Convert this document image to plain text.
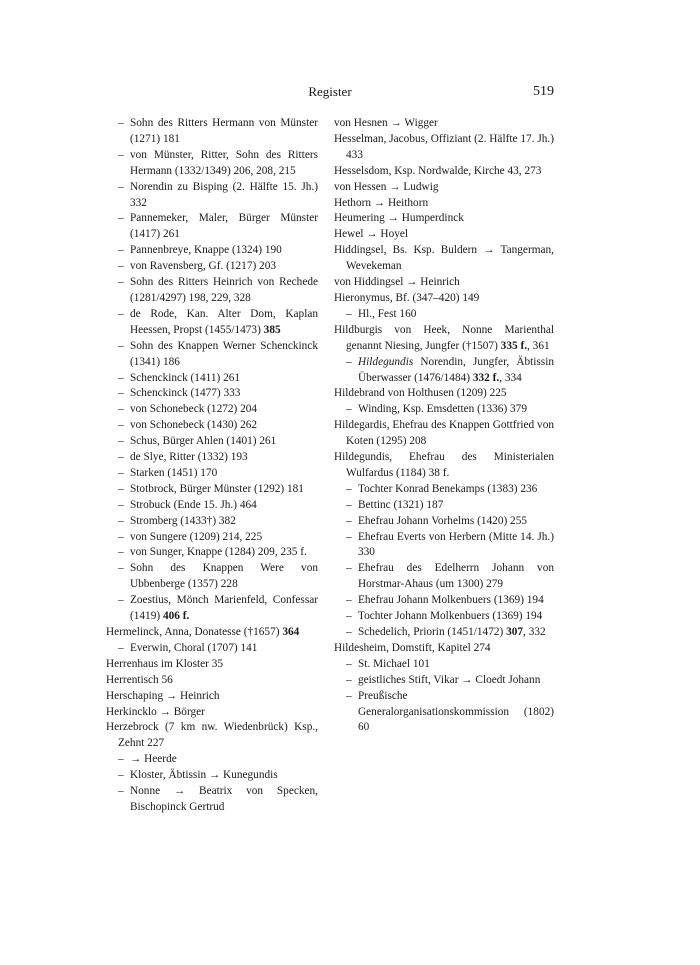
Register	519

– Sohn des Ritters Hermann von Münster (1271) 181

– von Münster, Ritter, Sohn des Ritters Hermann (1332/1349) 206, 208, 215

– Norendin zu Bisping (2. Hälfte 15. Jh.) 332

– Pannemeker, Maler, Bürger Münster (1417) 261

– Pannenbreye, Knappe (1324) 190

– von Ravensberg, Gf. (1217) 203

– Sohn des Ritters Heinrich von Rechede (1281/4297) 198, 229, 328

– de Rode, Kan. Alter Dom, Kaplan Heessen, Propst (1455/1473) 385

– Sohn des Knappen Werner Schenckinck (1341) 186

– Schenckinck (1411) 261

– Schenckinck (1477) 333

– von Schonebeck (1272) 204

– von Schonebeck (1430) 262

– Schus, Bürger Ahlen (1401) 261

– de Slye, Ritter (1332) 193

– Starken (1451) 170

– Stotbrock, Bürger Münster (1292) 181

– Strobuck (Ende 15. Jh.) 464

– Stromberg (1433†) 382

– von Sungere (1209) 214, 225

– von Sunger, Knappe (1284) 209, 235 f.

– Sohn des Knappen Were von Ubbenberge (1357) 228

– Zoestius, Mönch Marienfeld, Confessar (1419) 406 f.

Hermelinck, Anna, Donatesse (†1657) 364

– Everwin, Choral (1707) 141

Herrenhaus im Kloster 35

Herrentisch 56

Herschaping → Heinrich

Herkincklo → Börger

Herzebrock (7 km nw. Wiedenbrück) Ksp., Zehnt 227

– → Heerde

– Kloster, Äbtissin → Kunegundis

– Nonne → Beatrix von Specken, Bischopinck Gertrud

von Hesnen → Wigger

Hesselman, Jacobus, Offiziant (2. Hälfte 17. Jh.) 433

Hesselsdom, Ksp. Nordwalde, Kirche 43, 273

von Hessen → Ludwig

Hethorn → Heithorn

Heumering → Humperdinck

Hewel → Hoyel

Hiddingsel, Bs. Ksp. Buldern → Tangerman, Wevekeman

von Hiddingsel → Heinrich

Hieronymus, Bf. (347–420) 149

– Hl., Fest 160

Hildburgis von Heek, Nonne Marienthal genannt Niesing, Jungfer (†1507) 335 f., 361

– Hildegundis Norendin, Jungfer, Äbtissin Überwasser (1476/1484) 332 f., 334

Hildebrand von Holthusen (1209) 225

– Winding, Ksp. Emsdetten (1336) 379

Hildegardis, Ehefrau des Knappen Gottfried von Koten (1295) 208

Hildegundis, Ehefrau des Ministerialen Wulfardus (1184) 38 f.

– Tochter Konrad Benekamps (1383) 236

– Bettinc (1321) 187

– Ehefrau Johann Vorhelms (1420) 255

– Ehefrau Everts von Herbern (Mitte 14. Jh.) 330

– Ehefrau des Edelherrn Johann von Horstmar-Ahaus (um 1300) 279

– Ehefrau Johann Molkenbuers (1369) 194

– Tochter Johann Molkenbuers (1369) 194

– Schedelich, Priorin (1451/1472) 307, 332

Hildesheim, Domstift, Kapitel 274

– St. Michael 101

– geistliches Stift, Vikar → Cloedt Johann

– Preußische Generalorganisationskommission (1802) 60
